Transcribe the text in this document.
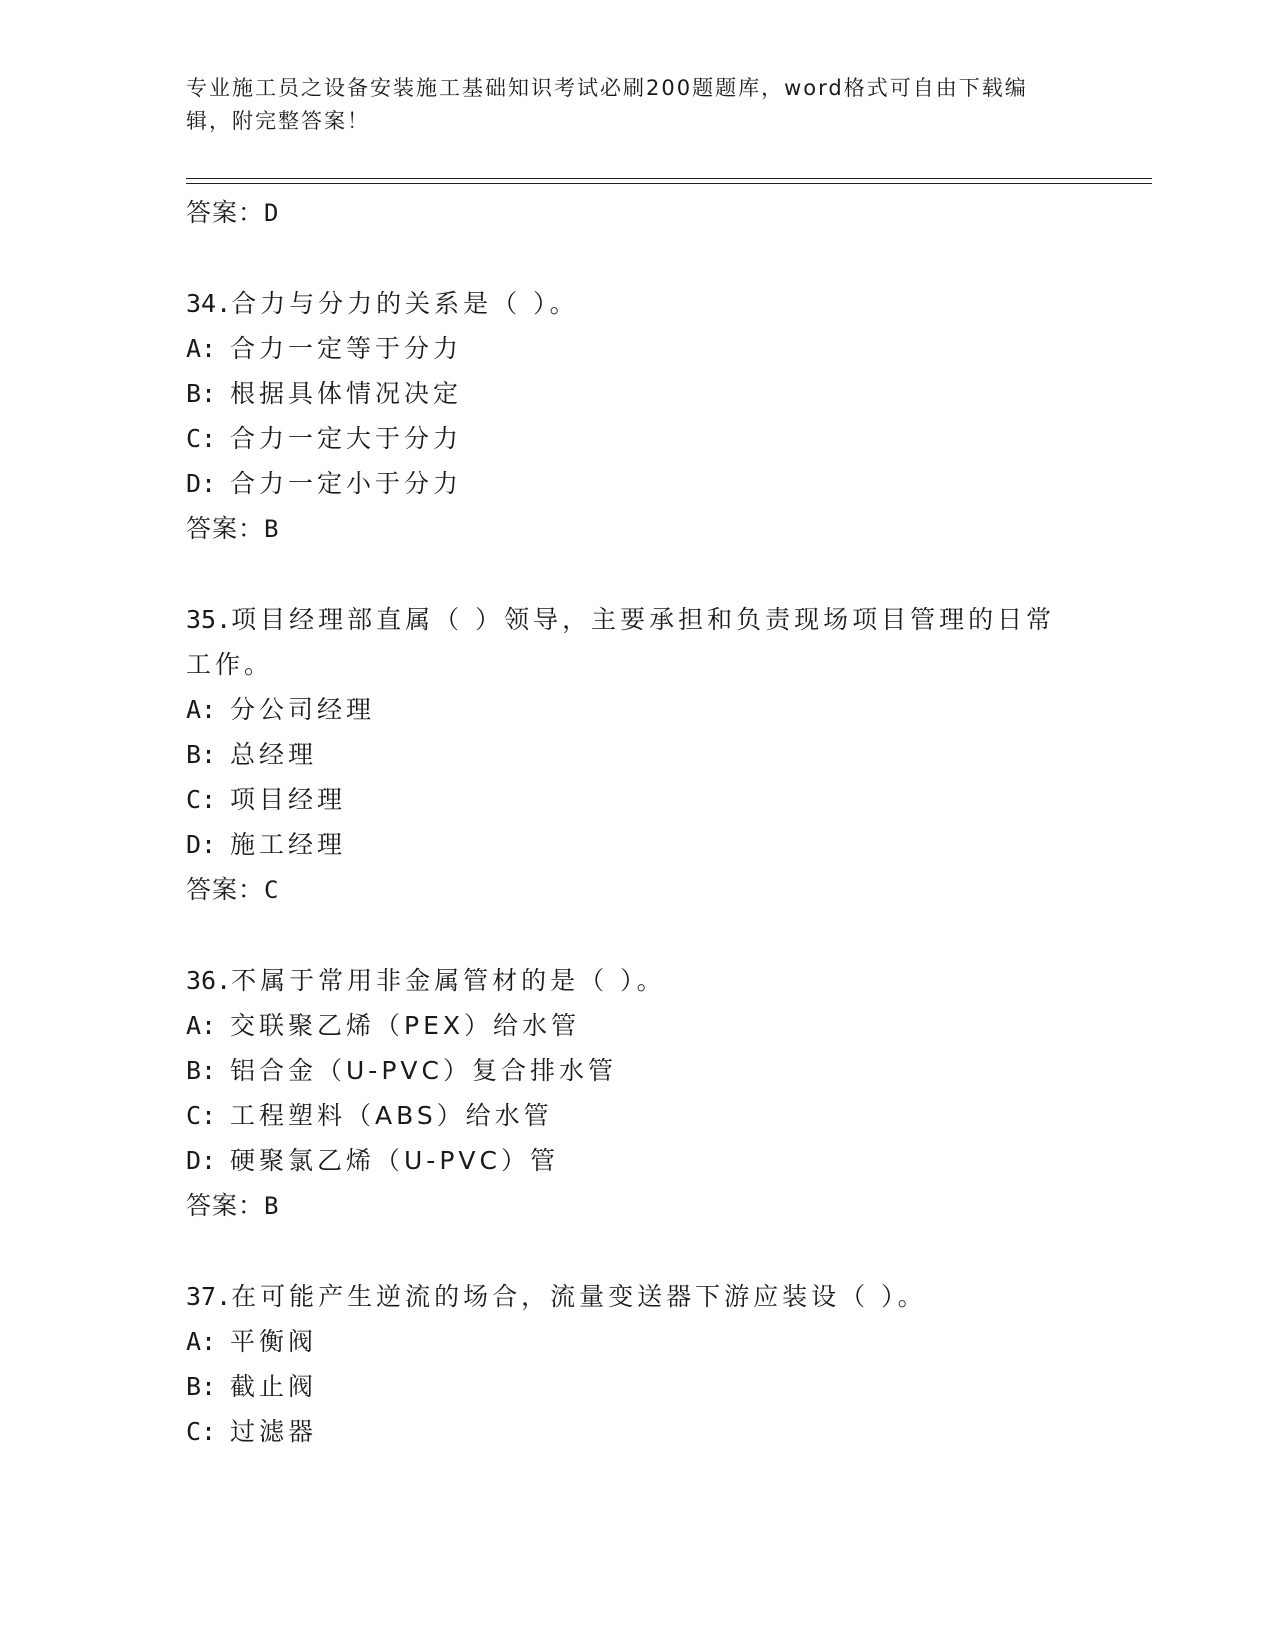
专业施工员之设备安装施工基础知识考试必刷200题题库，word格式可自由下载编辑，附完整答案！
答案：D
34.合力与分力的关系是（ ）。
A: 合力一定等于分力
B: 根据具体情况决定
C: 合力一定大于分力
D: 合力一定小于分力
答案：B
35.项目经理部直属（ ）领导，主要承担和负责现场项目管理的日常工作。
A: 分公司经理
B: 总经理
C: 项目经理
D: 施工经理
答案：C
36.不属于常用非金属管材的是（ ）。
A: 交联聚乙烯（PEX）给水管
B: 铝合金（U-PVC）复合排水管
C: 工程塑料（ABS）给水管
D: 硬聚氯乙烯（U-PVC）管
答案：B
37.在可能产生逆流的场合，流量变送器下游应装设（ ）。
A: 平衡阀
B: 截止阀
C: 过滤器
